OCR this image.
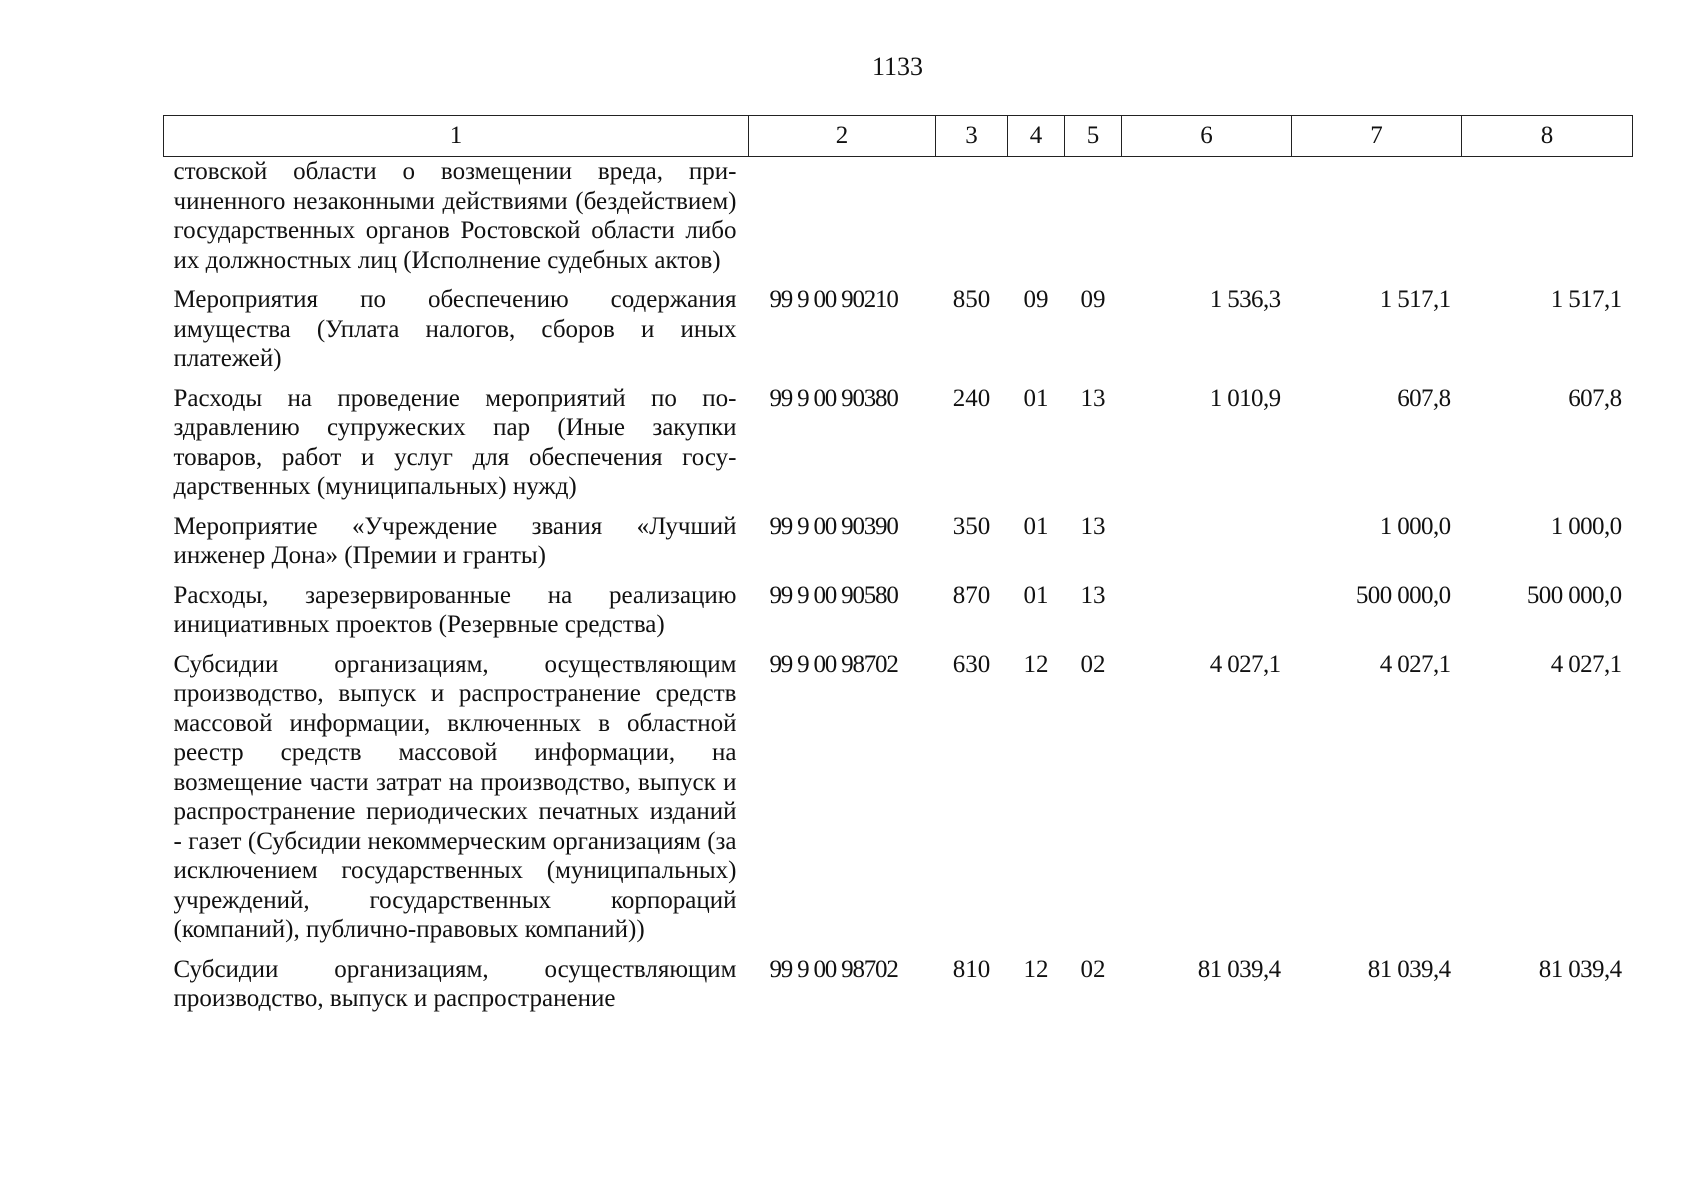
1133
1	2	3	4	5	6	7	8
стовской области о возмещении вреда, причиненного незаконными действиями (бездействием) государственных органов Ростовской области либо их должностных лиц (Исполнение судебных актов)							
Мероприятия по обеспечению содержания имущества (Уплата налогов, сборов и иных платежей)	99 9 00 90210	850	09	09	1 536,3	1 517,1	1 517,1
Расходы на проведение мероприятий по поздравлению супружеских пар (Иные закупки товаров, работ и услуг для обеспечения государственных (муниципальных) нужд)	99 9 00 90380	240	01	13	1 010,9	607,8	607,8
Мероприятие «Учреждение звания «Лучший инженер Дона» (Премии и гранты)	99 9 00 90390	350	01	13		1 000,0	1 000,0
Расходы, зарезервированные на реализацию инициативных проектов (Резервные средства)	99 9 00 90580	870	01	13		500 000,0	500 000,0
Субсидии организациям, осуществляющим производство, выпуск и распространение средств массовой информации, включенных в областной реестр средств массовой информации, на возмещение части затрат на производство, выпуск и распространение периодических печатных изданий - газет (Субсидии некоммерческим организациям (за исключением государственных (муниципальных) учреждений, государственных корпораций (компаний), публично-правовых компаний))	99 9 00 98702	630	12	02	4 027,1	4 027,1	4 027,1
Субсидии организациям, осуществляющим производство, выпуск и распространение	99 9 00 98702	810	12	02	81 039,4	81 039,4	81 039,4
